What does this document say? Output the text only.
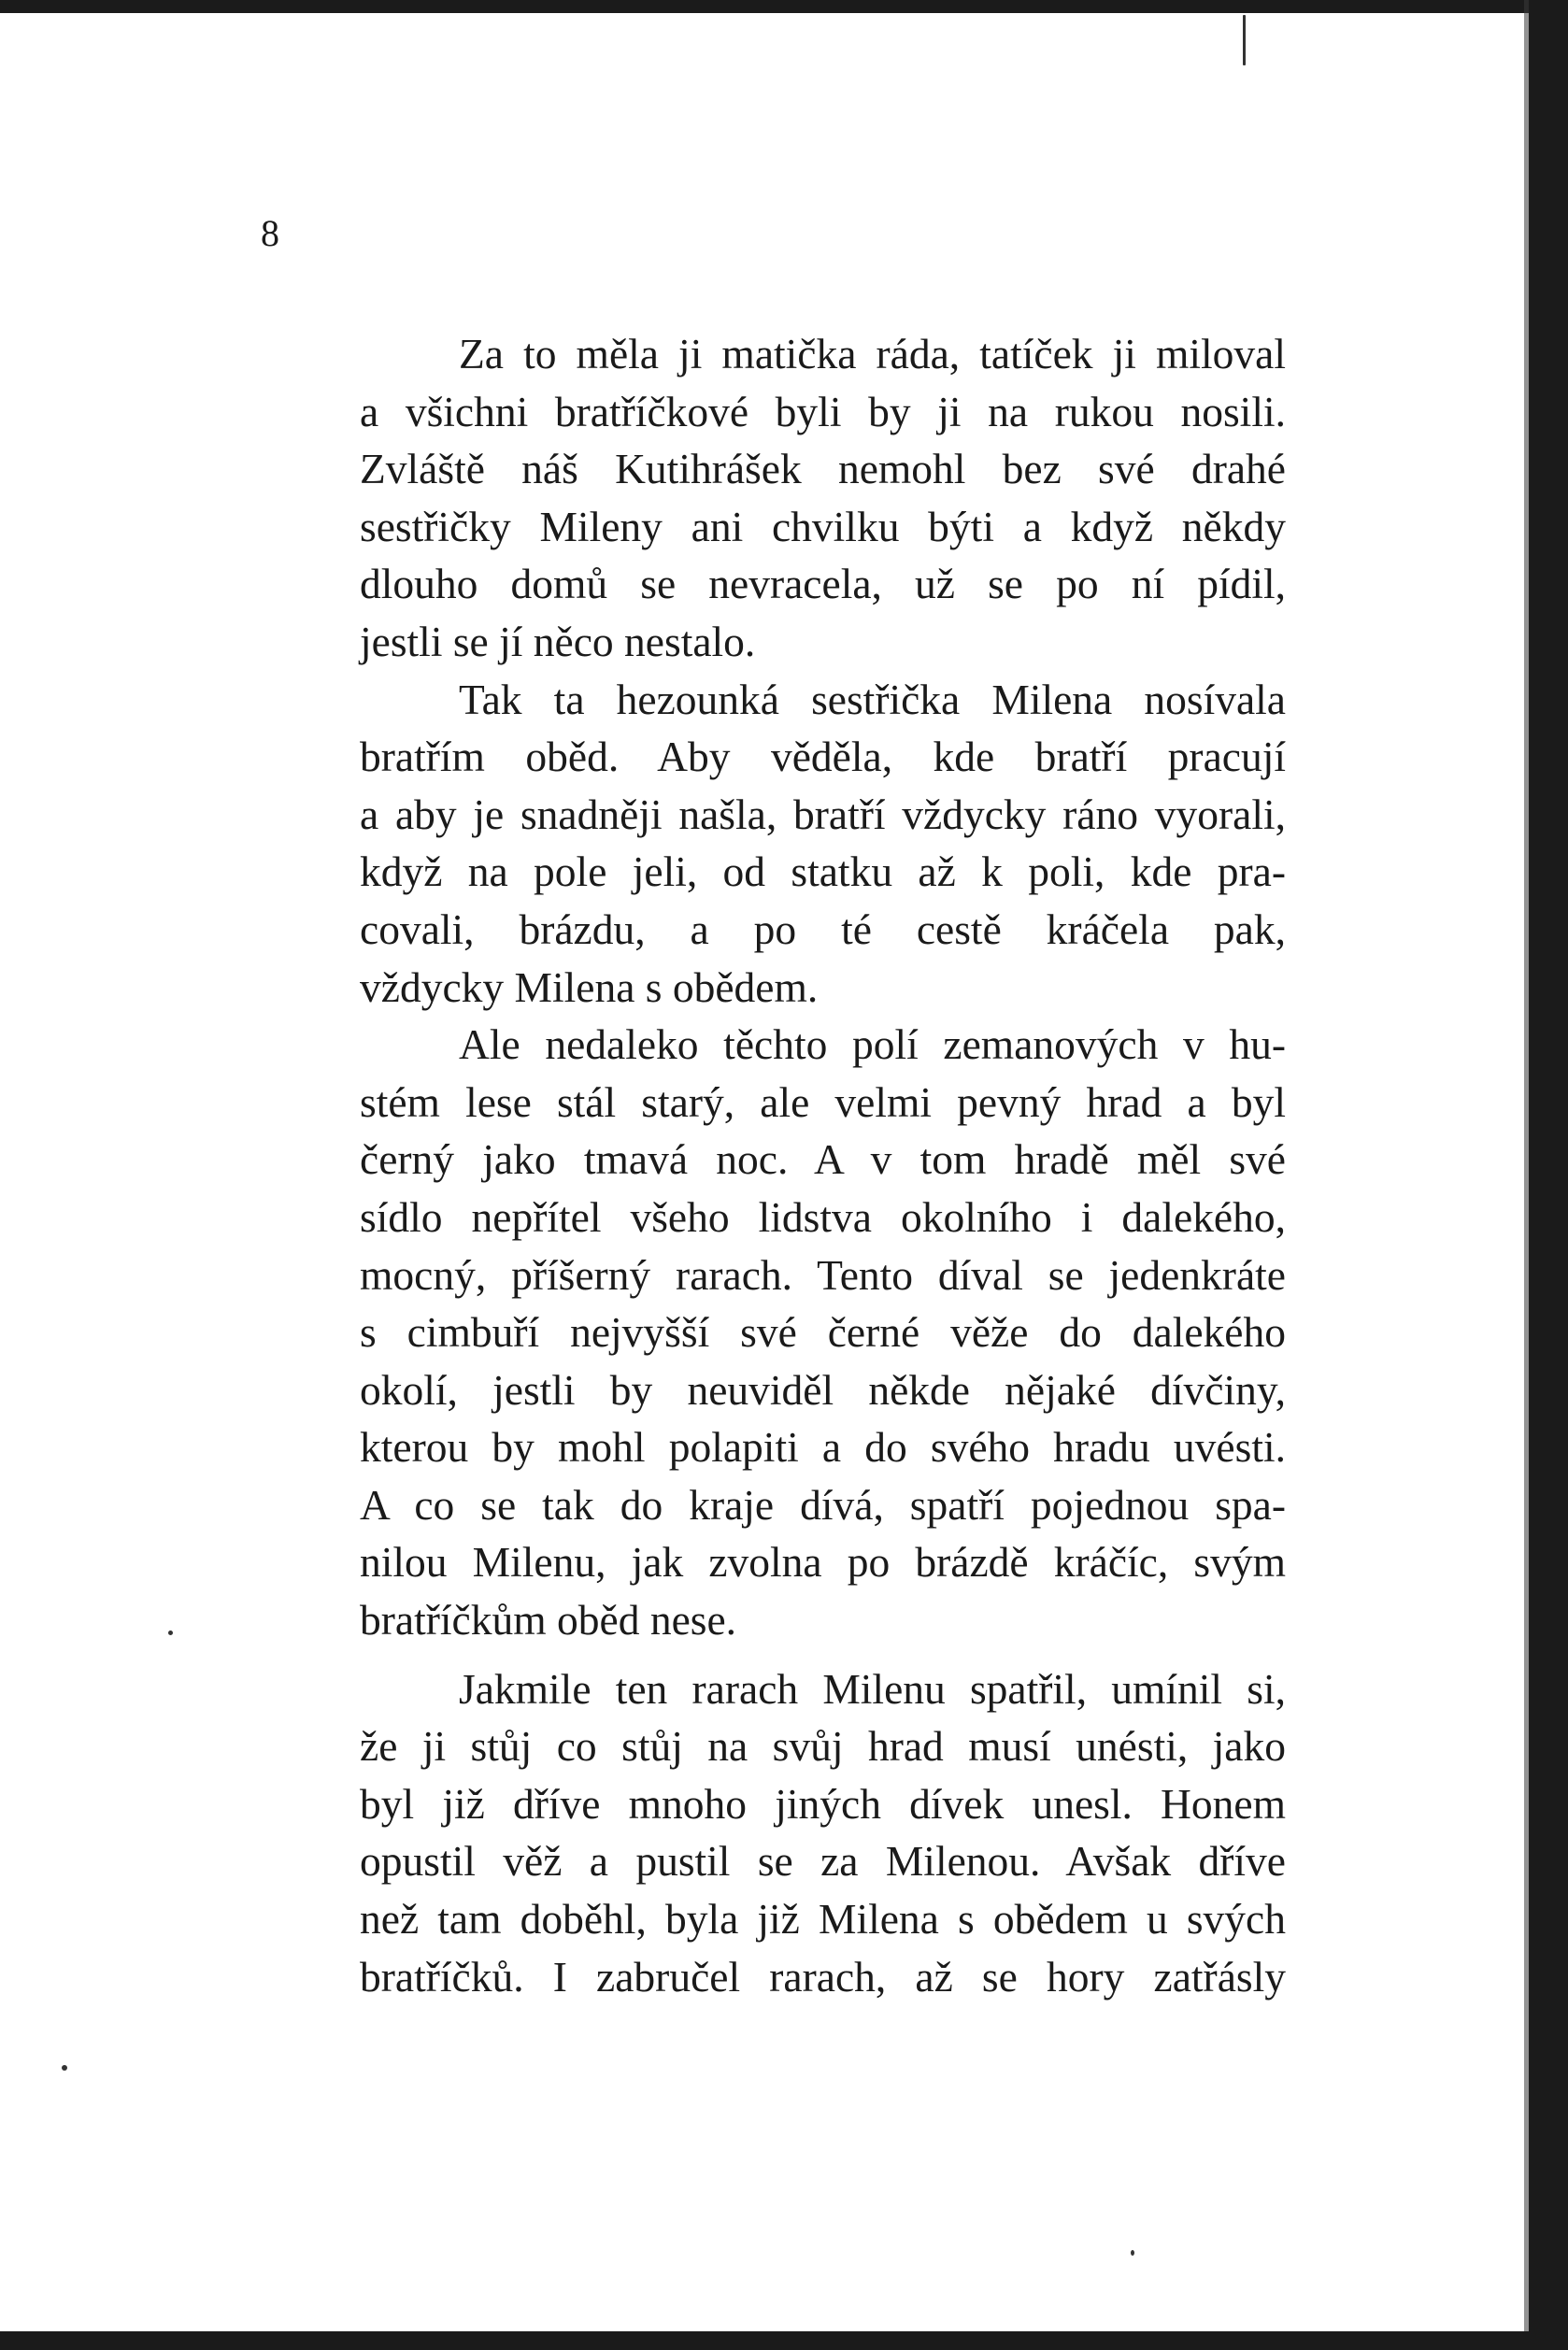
8
Za to měla ji matička ráda, tatíček ji miloval
a všichni bratříčkové byli by ji na rukou nosili.
Zvláště náš Kutihrášek nemohl bez své drahé
sestřičky Mileny ani chvilku býti a když někdy
dlouho domů se nevracela, už se po ní pídil,
jestli se jí něco nestalo.
Tak ta hezounká sestřička Milena nosívala
bratřím oběd. Aby věděla, kde bratří pracují
a aby je snadněji našla, bratří vždycky ráno vyorali,
když na pole jeli, od statku až k poli, kde pra-
covali, brázdu, a po té cestě kráčela pak,
vždycky Milena s obědem.
Ale nedaleko těchto polí zemanových v hu-
stém lese stál starý, ale velmi pevný hrad a byl
černý jako tmavá noc. A v tom hradě měl své
sídlo nepřítel všeho lidstva okolního i dalekého,
mocný, příšerný rarach. Tento díval se jedenkráte
s cimbuří nejvyšší své černé věže do dalekého
okolí, jestli by neuviděl někde nějaké dívčiny,
kterou by mohl polapiti a do svého hradu uvésti.
A co se tak do kraje dívá, spatří pojednou spa-
nilou Milenu, jak zvolna po brázdě kráčíc, svým
bratříčkům oběd nese.
Jakmile ten rarach Milenu spatřil, umínil si,
že ji stůj co stůj na svůj hrad musí unésti, jako
byl již dříve mnoho jiných dívek unesl. Honem
opustil věž a pustil se za Milenou. Avšak dříve
než tam doběhl, byla již Milena s obědem u svých
bratříčků. I zabručel rarach, až se hory zatřásly
